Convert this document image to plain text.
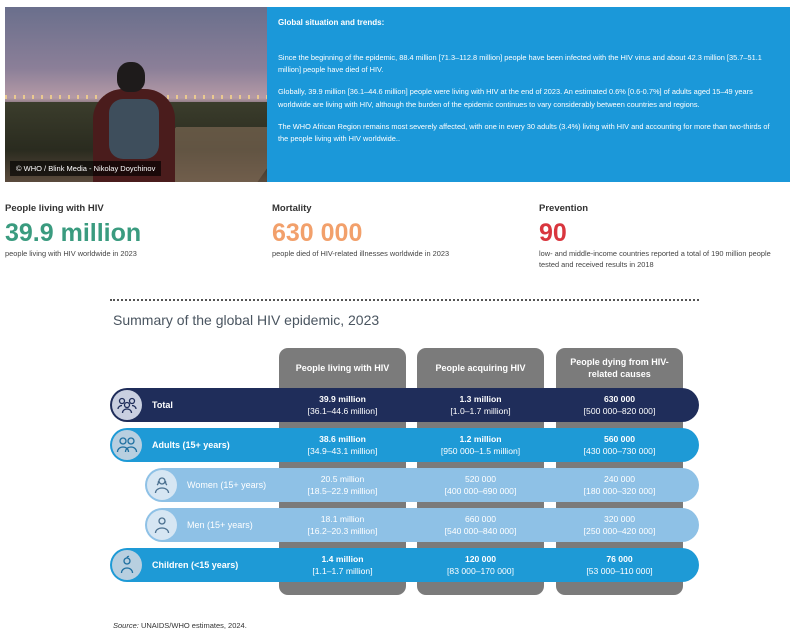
© WHO / Blink Media - Nikolay Doychinov
Global situation and trends:

Since the beginning of the epidemic, 88.4 million [71.3–112.8 million] people have been infected with the HIV virus and about 42.3 million [35.7–51.1 million] people have died of HIV.

Globally, 39.9 million [36.1–44.6 million] people were living with HIV at the end of 2023. An estimated 0.6% [0.6-0.7%] of adults aged 15–49 years worldwide are living with HIV, although the burden of the epidemic continues to vary considerably between countries and regions.

The WHO African Region remains most severely affected, with one in every 30 adults (3.4%) living with HIV and accounting for more than two-thirds of the people living with HIV worldwide..

People living with HIV
39.9 million
people living with HIV worldwide in 2023
Mortality
630 000
people died of HIV-related illnesses worldwide in 2023
Prevention
90
low- and middle-income countries reported a total of 190 million people tested and received results in 2018
Summary of the global HIV epidemic, 2023
People living with HIV	People acquiring HIV
People dying from HIV-related causes
Total
Adults (15+ years)
Women (15+ years)
Men (15+ years)
Children (<15 years)
39.9 million
[36.1–44.6 million]
1.3 million
[1.0–1.7 million]
630 000
[500 000–820 000]
38.6 million
[34.9–43.1 million]
1.2 million
[950 000–1.5 million]
560 000
[430 000–730 000]
20.5 million
[18.5–22.9 million]
520 000
[400 000–690 000]
240 000
[180 000–320 000]
18.1 million
[16.2–20.3 million]
660 000
[540 000–840 000]
320 000
[250 000–420 000]
1.4 million
[1.1–1.7 million]
120 000
[83 000–170 000]
76 000
[53 000–110 000]
Source: UNAIDS/WHO estimates, 2024.
